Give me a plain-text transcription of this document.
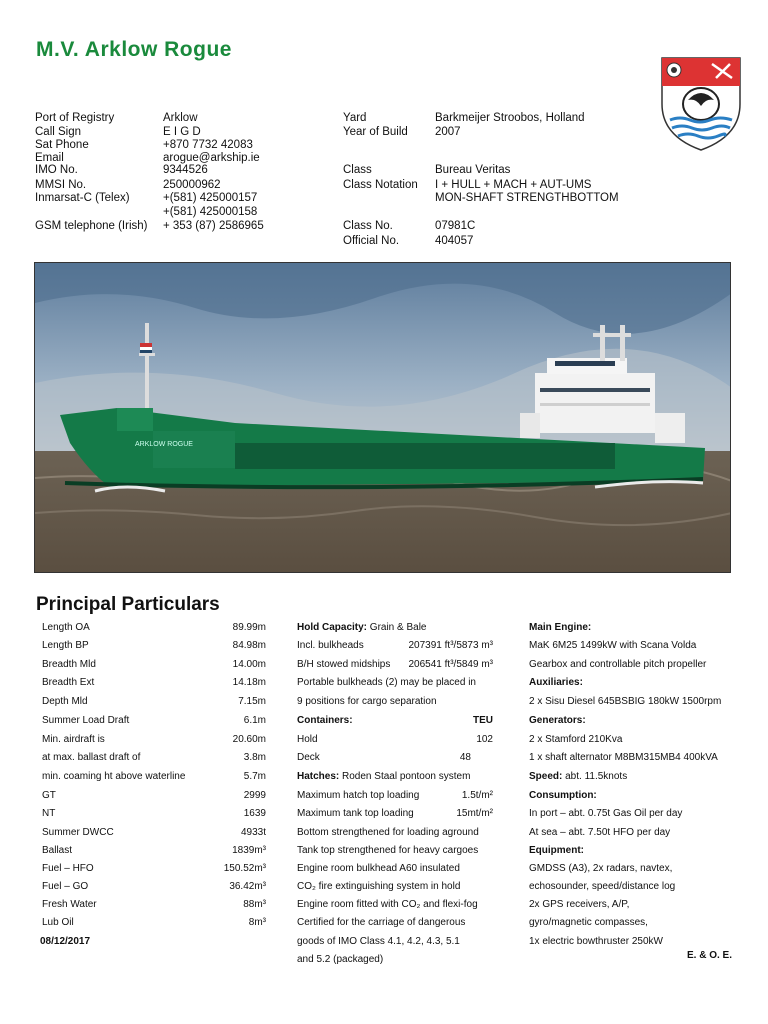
M.V. Arklow Rogue
Port of Registry	Arklow
Call Sign	E I G D
Sat Phone	+870 7732 42083
Email	arogue@arkship.ie
IMO No.	9344526
MMSI No.	250000962
Inmarsat-C (Telex)	+(581) 425000157
+(581) 425000158
GSM telephone (Irish) + 353 (87) 2586965
Yard	Barkmeijer Stroobos, Holland
Year of Build 2007
Class	Bureau Veritas
Class Notation I + HULL + MACH + AUT-UMS
MON-SHAFT STRENGTHBOTTOM
Class No.	07981C
Official No.	404057
ARKLOW ROGUE
Principal Particulars
Length OA	89.99m
Length BP	84.98m
Breadth Mld	14.00m
Breadth Ext	14.18m
Depth Mld	7.15m
Summer Load Draft	6.1m
Min. airdraft is	20.60m
at max. ballast draft of	3.8m
min. coaming ht above waterline	5.7m
GT	2999
NT	1639
Summer DWCC	4933t
Ballast	1839m³
Fuel – HFO	150.52m³
Fuel – GO	36.42m³
Fresh Water	88m³
Lub Oil	8m³
08/12/2017
Hold Capacity: Grain & Bale
Incl. bulkheads	207391 ft³/5873 m³
B/H stowed midships 206541 ft³/5849 m³
Portable bulkheads (2) may be placed in
9 positions for cargo separation
Containers:	TEU
Hold	102
Deck	48
Hatches: Roden Staal pontoon system
Maximum hatch top loading	1.5t/m²
Maximum tank top loading	15mt/m²
Bottom strengthened for loading aground
Tank top strengthened for heavy cargoes
Engine room bulkhead A60 insulated
CO₂ fire extinguishing system in hold
Engine room fitted with CO₂ and flexi-fog
Certified for the carriage of dangerous
goods of IMO Class 4.1, 4.2, 4.3, 5.1
and 5.2 (packaged)
Main Engine:
MaK 6M25 1499kW with Scana Volda
Gearbox and controllable pitch propeller
Auxiliaries:
2 x Sisu Diesel 645BSBIG 180kW 1500rpm
Generators:
2 x Stamford 210Kva
1 x shaft alternator M8BM315MB4 400kVA
Speed: abt. 11.5knots
Consumption:
In port – abt. 0.75t Gas Oil per day
At sea – abt. 7.50t HFO per day
Equipment:
GMDSS (A3), 2x radars, navtex,
echosounder, speed/distance log
2x GPS receivers, A/P,
gyro/magnetic compasses,
1x electric bowthruster 250kW
E. & O. E.
